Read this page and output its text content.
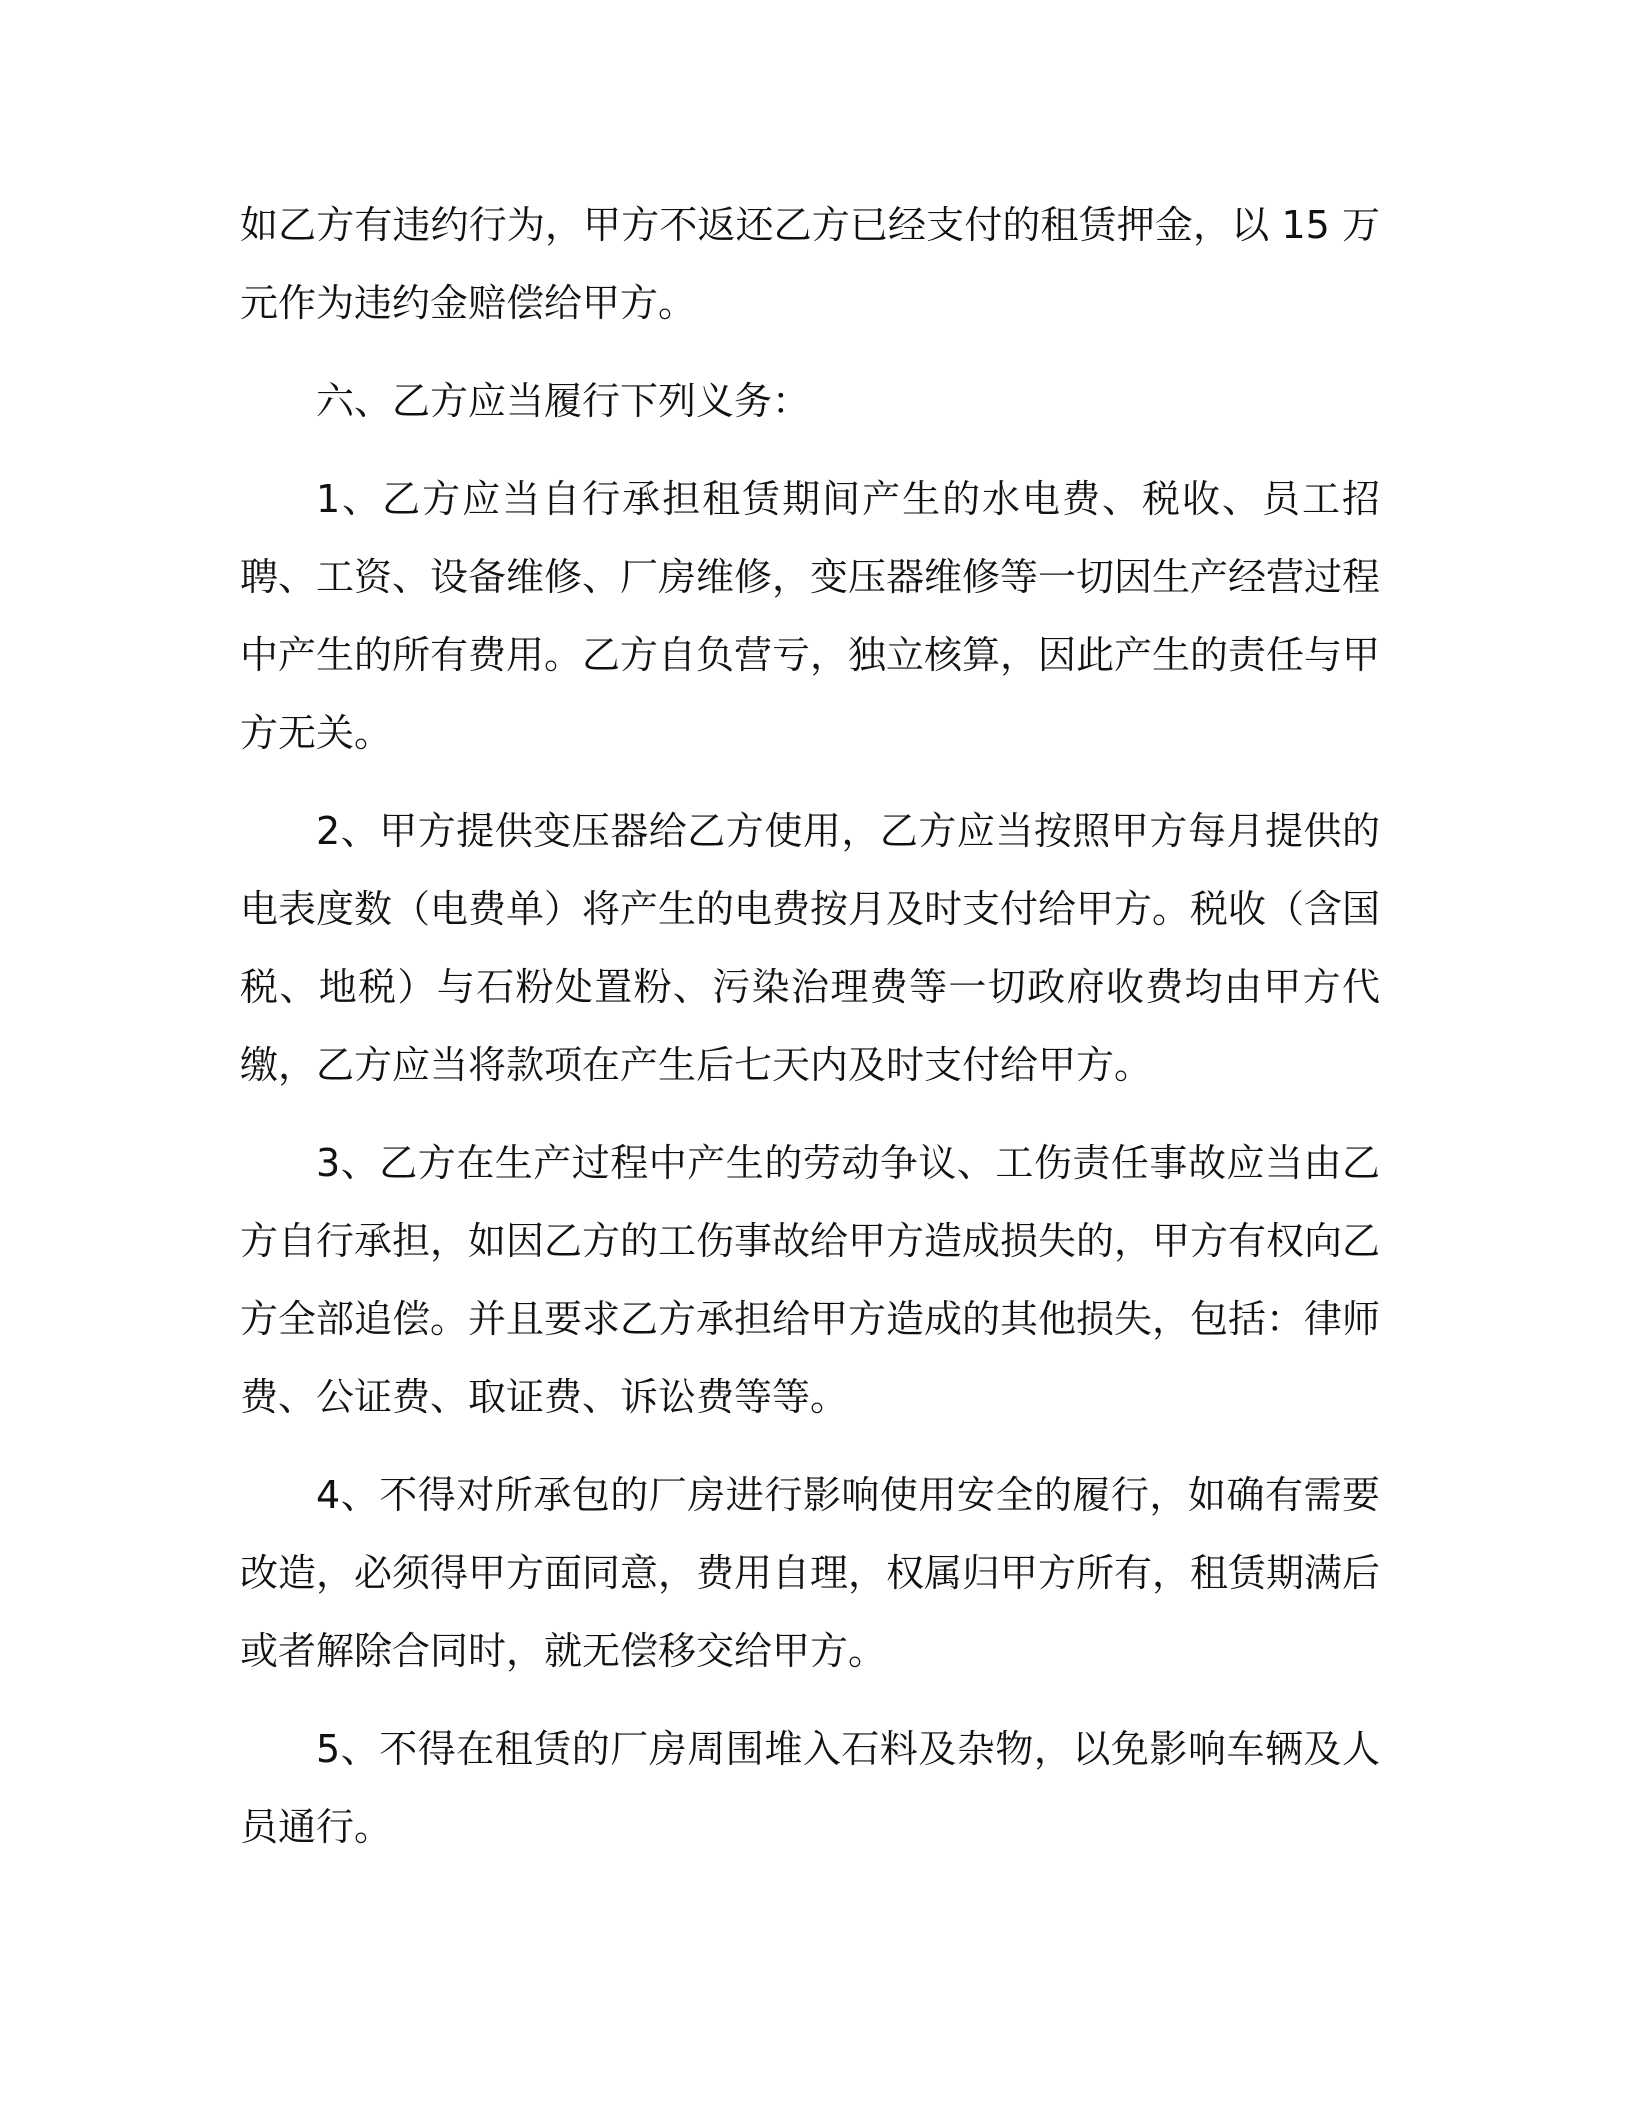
如乙方有违约行为，甲方不返还乙方已经支付的租赁押金，以 15 万元作为违约金赔偿给甲方。

六、乙方应当履行下列义务：

1、乙方应当自行承担租赁期间产生的水电费、税收、员工招聘、工资、设备维修、厂房维修，变压器维修等一切因生产经营过程中产生的所有费用。乙方自负营亏，独立核算，因此产生的责任与甲方无关。

2、甲方提供变压器给乙方使用，乙方应当按照甲方每月提供的电表度数（电费单）将产生的电费按月及时支付给甲方。税收（含国税、地税）与石粉处置粉、污染治理费等一切政府收费均由甲方代缴，乙方应当将款项在产生后七天内及时支付给甲方。

3、乙方在生产过程中产生的劳动争议、工伤责任事故应当由乙方自行承担，如因乙方的工伤事故给甲方造成损失的，甲方有权向乙方全部追偿。并且要求乙方承担给甲方造成的其他损失，包括：律师费、公证费、取证费、诉讼费等等。

4、不得对所承包的厂房进行影响使用安全的履行，如确有需要改造，必须得甲方面同意，费用自理，权属归甲方所有，租赁期满后或者解除合同时，就无偿移交给甲方。

5、不得在租赁的厂房周围堆入石料及杂物，以免影响车辆及人员通行。
